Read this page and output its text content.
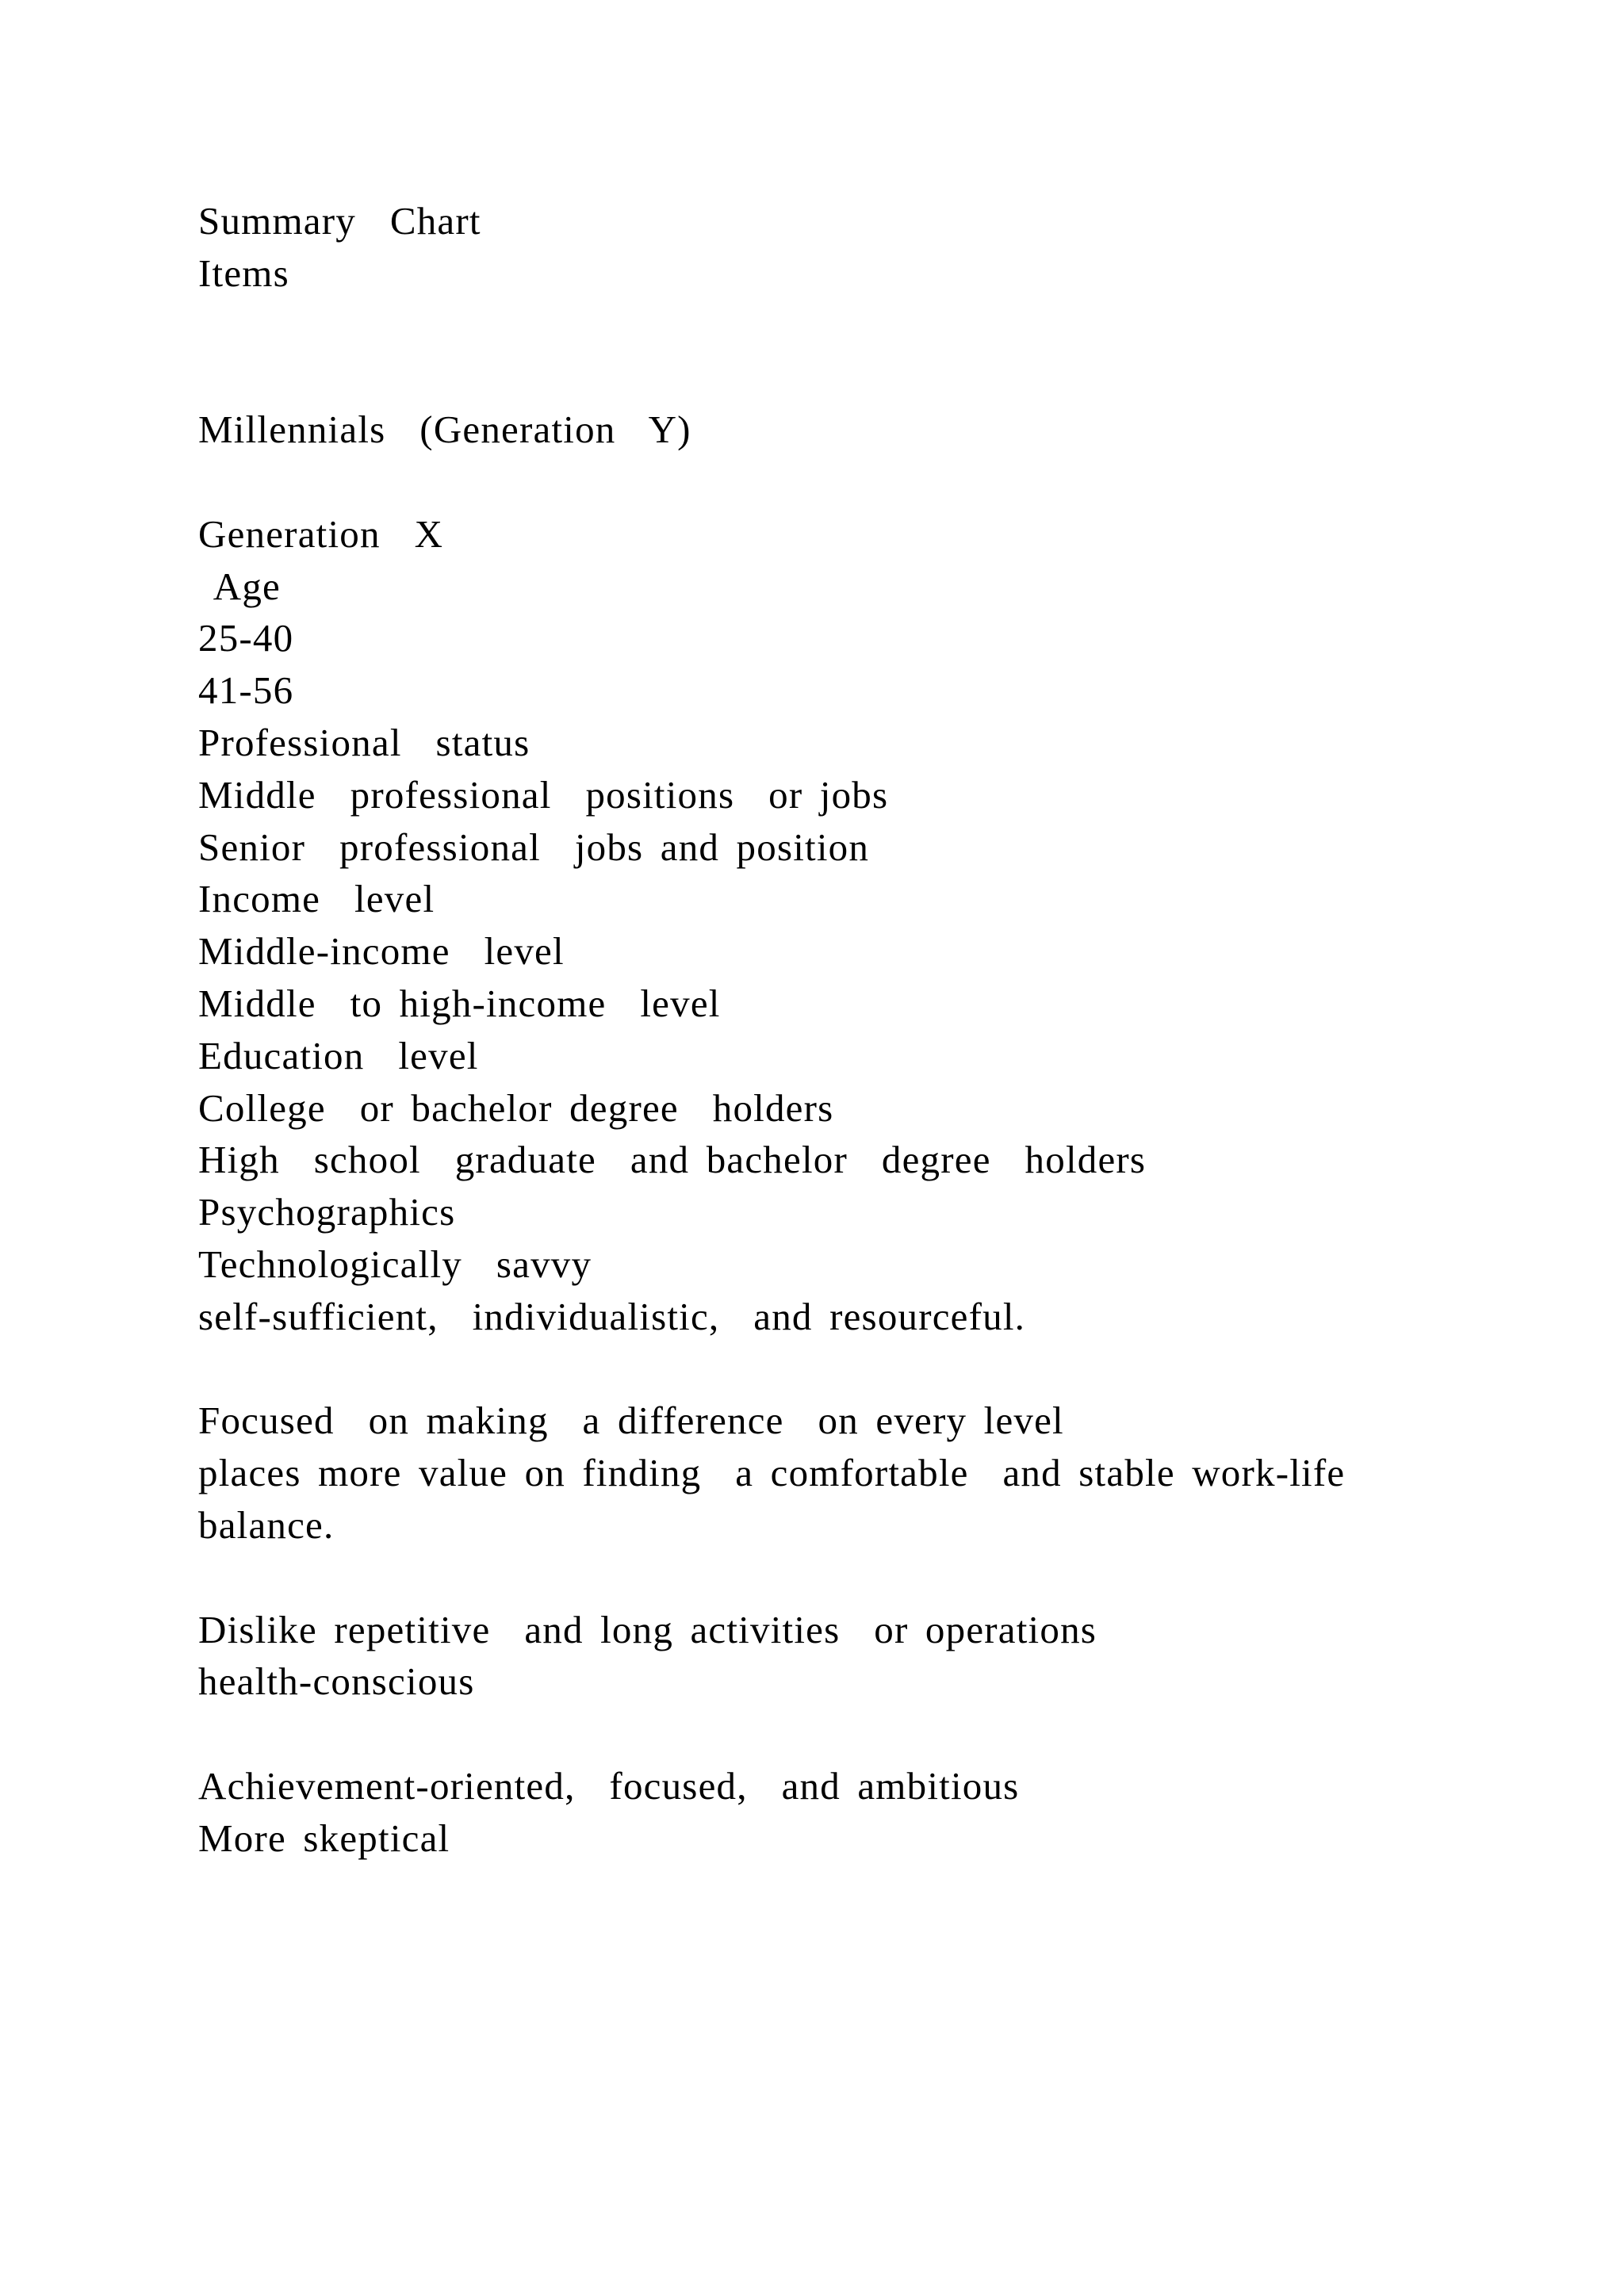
Summary  Chart
Items
Millennials  (Generation  Y)
Generation  X
Age
25-40
41-56
Professional  status
Middle  professional  positions  or jobs
Senior  professional  jobs and position
Income  level
Middle-income  level
Middle  to high-income  level
Education  level
College  or bachelor degree  holders
High  school  graduate  and bachelor  degree  holders
Psychographics
Technologically  savvy
self-sufficient,  individualistic,  and resourceful.
Focused  on making  a difference  on every level
places more value on finding  a comfortable  and stable work-life
balance.
Dislike repetitive  and long activities  or operations
health-conscious
Achievement-oriented,  focused,  and ambitious
More skeptical
